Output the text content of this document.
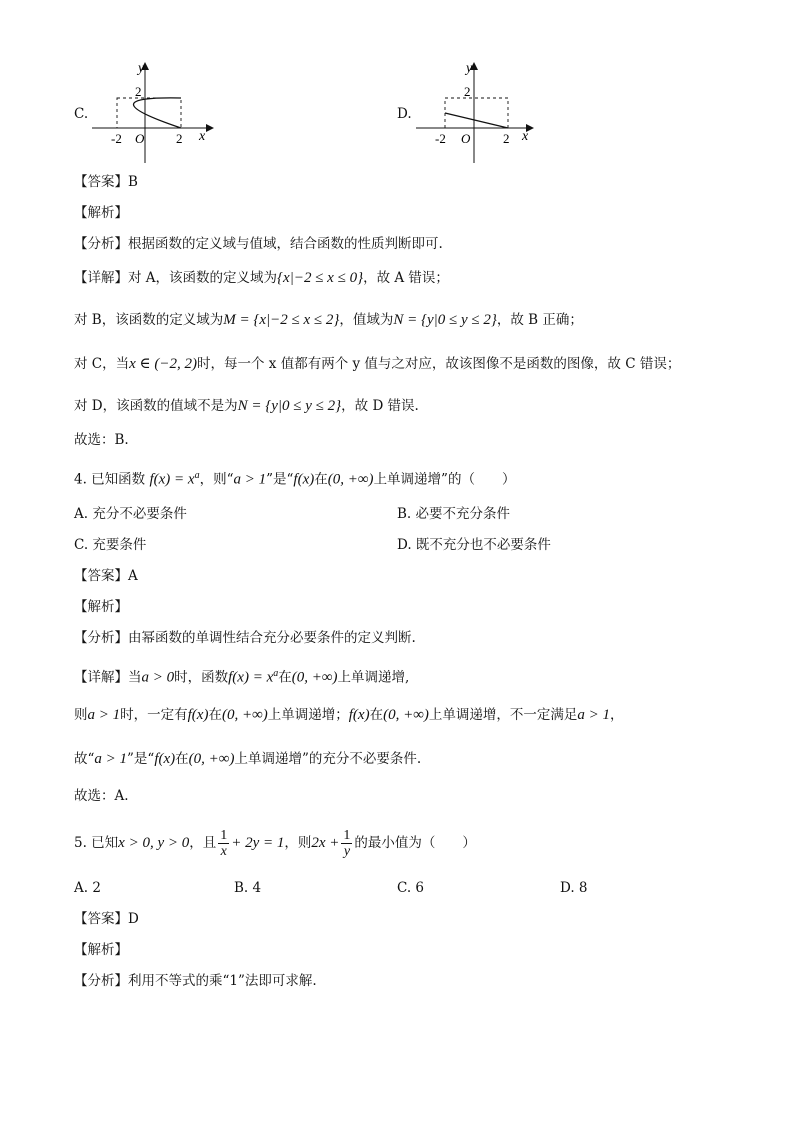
C.
y
x
2
-2 O 2
D.
y
x
2
-2 O	2
【答案】B
【解析】
【分析】根据函数的定义域与值域，结合函数的性质判断即可.
【详解】对 A，该函数的定义域为{x|−2 ≤ x ≤ 0}，故 A 错误；
对 B，该函数的定义域为M = {x|−2 ≤ x ≤ 2}，值域为N = {y|0 ≤ y ≤ 2}，故 B 正确；
对 C，当x ∈ (−2, 2)时，每一个 x 值都有两个 y 值与之对应，故该图像不是函数的图像，故 C 错误；
对 D，该函数的值域不是为N = {y|0 ≤ y ≤ 2}，故 D 错误.
故选：B.
4. 已知函数 $f(x) = x^a$，则“a > 1”是“f(x)在(0, +∞)上单调递增”的（　　）
A. 充分不必要条件	B. 必要不充分条件
C. 充要条件	D. 既不充分也不必要条件
【答案】A
【解析】
【分析】由幂函数的单调性结合充分必要条件的定义判断.
【详解】当a > 0时，函数$f(x) = x^a$在(0, +∞)上单调递增,
则a > 1时，一定有f(x)在(0, +∞)上单调递增；f(x)在(0, +∞)上单调递增，不一定满足a > 1，
故“a > 1”是“f(x)在(0, +∞)上单调递增”的充分不必要条件.
故选：A.
5. 已知x > 0, y > 0，且 $\frac{1}{x} + 2y = 1$，则$2x + \frac{1}{y}$ 的最小值为（　　）
A. 2	B. 4	C. 6	D. 8
【答案】D
【解析】
【分析】利用不等式的乘“1”法即可求解.
